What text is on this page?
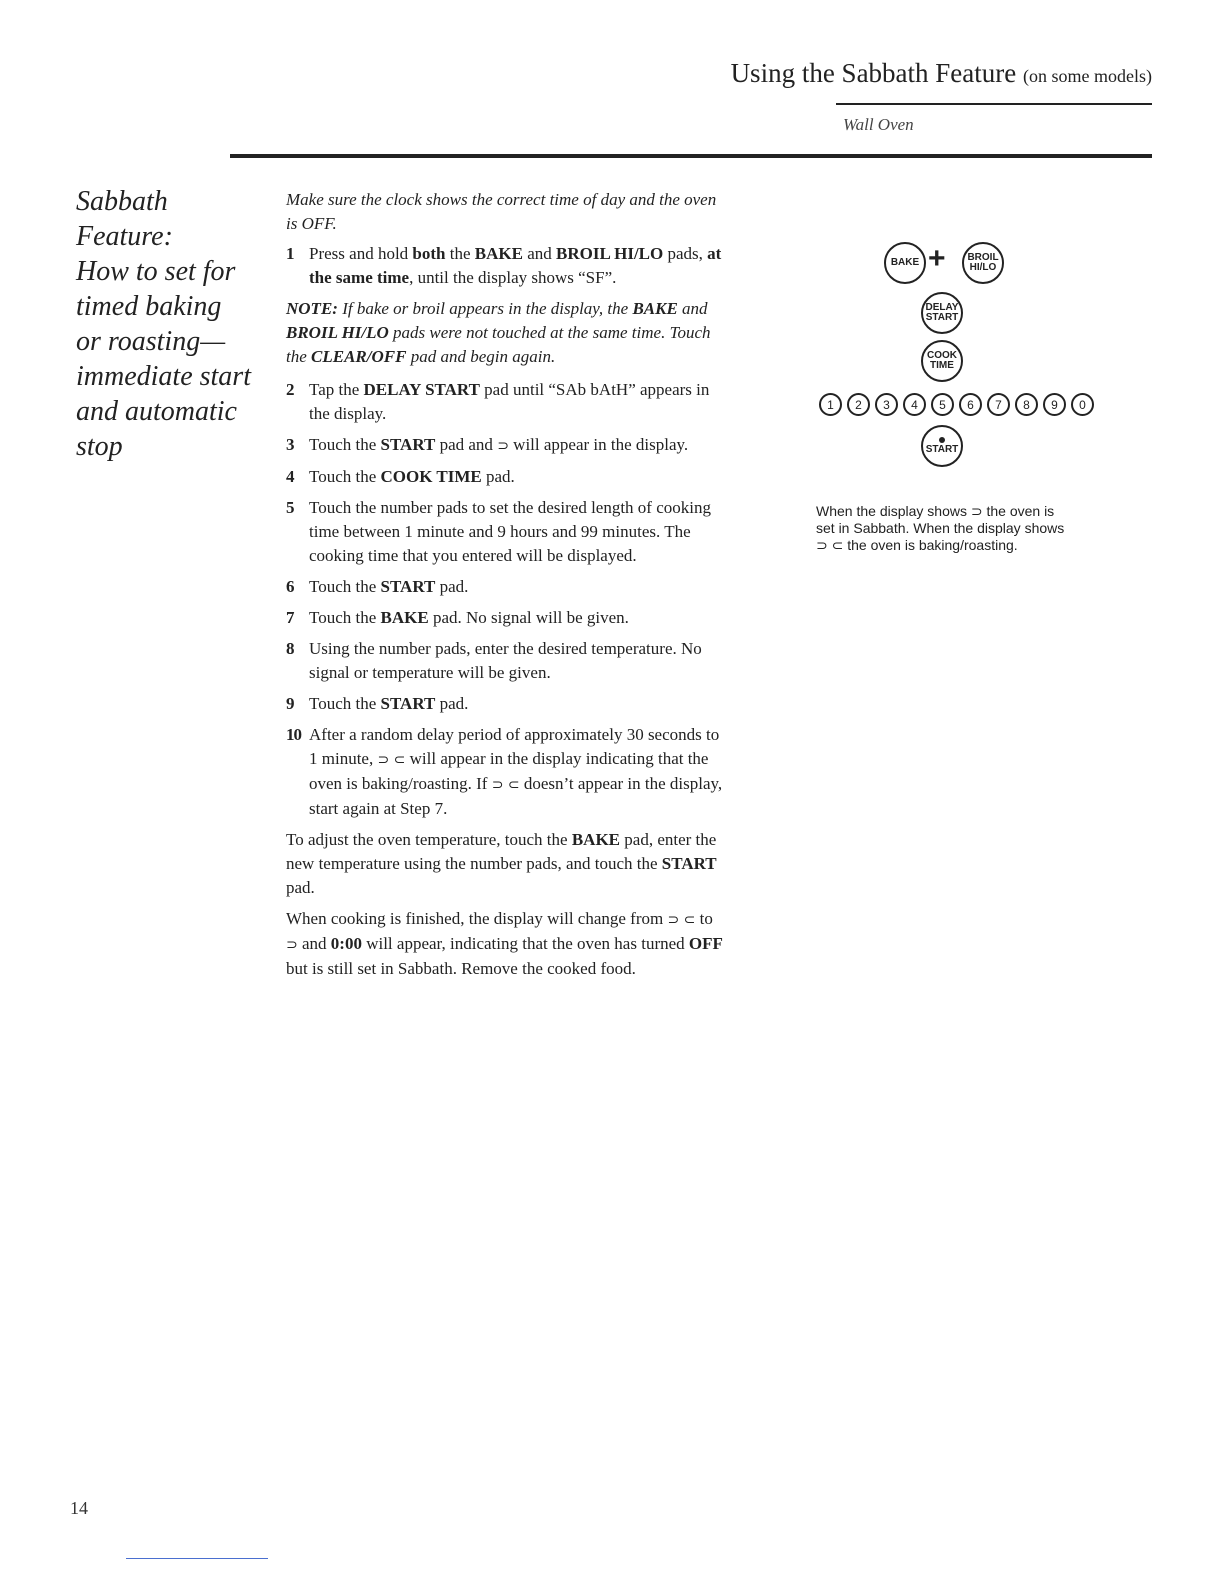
Using the Sabbath Feature (on some models)
Wall Oven
Sabbath
Feature:
How to set for
timed baking
or roasting—
immediate start
and automatic
stop

Make sure the clock shows the correct time of day and the oven is OFF.

1 Press and hold both the BAKE and BROIL HI/LO pads, at the same time, until the display shows “SF”.

NOTE: If bake or broil appears in the display, the BAKE and BROIL HI/LO pads were not touched at the same time. Touch the CLEAR/OFF pad and begin again.

2 Tap the DELAY START pad until “SAb bAtH” appears in the display.

3 Touch the START pad and ⊃ will appear in the display.

4 Touch the COOK TIME pad.

5 Touch the number pads to set the desired length of cooking time between 1 minute and 9 hours and 99 minutes. The cooking time that you entered will be displayed.

6 Touch the START pad.

7 Touch the BAKE pad. No signal will be given.

8 Using the number pads, enter the desired temperature. No signal or temperature will be given.

9 Touch the START pad.

10 After a random delay period of approximately 30 seconds to 1 minute, ⊃ ⊂ will appear in the display indicating that the oven is baking/roasting. If ⊃ ⊂ doesn’t appear in the display, start again at Step 7.

To adjust the oven temperature, touch the BAKE pad, enter the new temperature using the number pads, and touch the START pad.

When cooking is finished, the display will change from ⊃ ⊂ to ⊃ and 0:00 will appear, indicating that the oven has turned OFF but is still set in Sabbath. Remove the cooked food.

BAKE + BROIL
HI/LO
DELAY
START
COOK
TIME
1	2	3	4	5	6	7	8	9	0
START

When the display shows ⊃ the oven is set in Sabbath. When the display shows ⊃ ⊂ the oven is baking/roasting.

14
